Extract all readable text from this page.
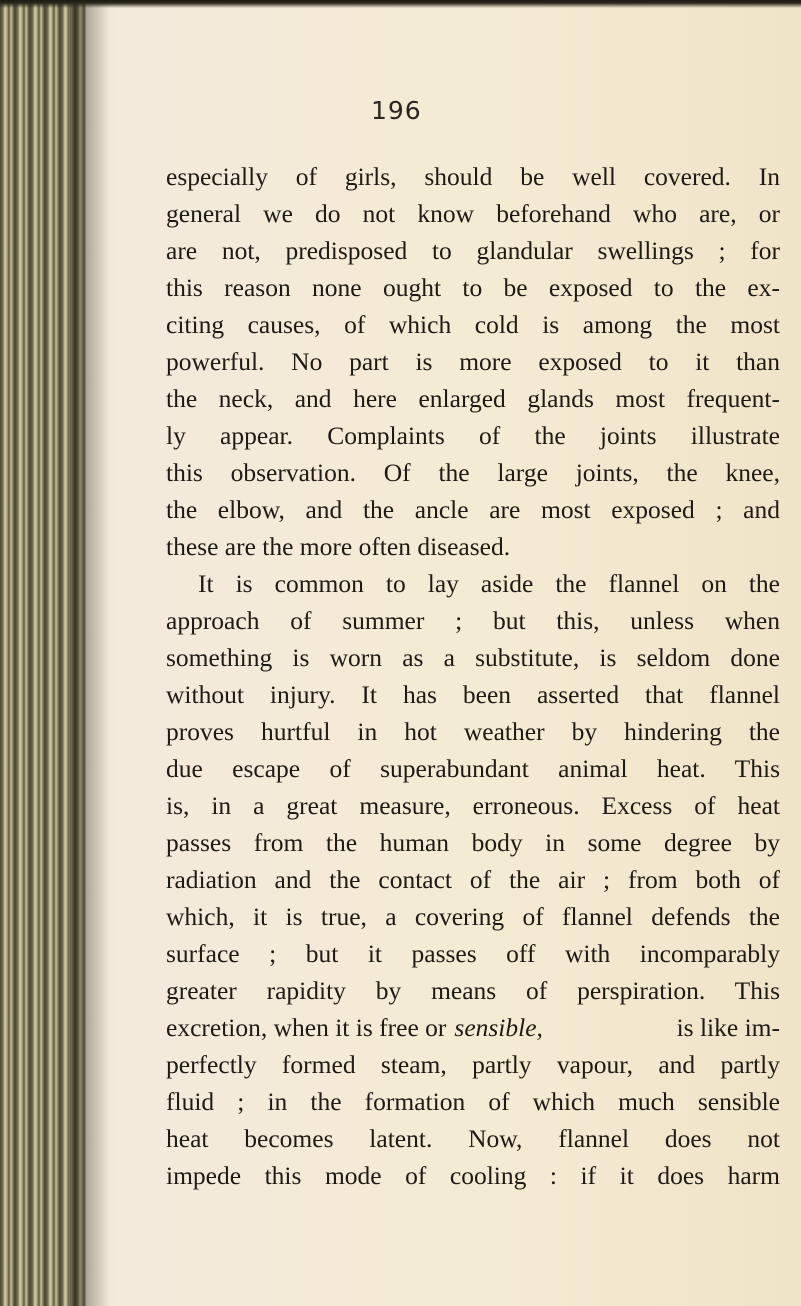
196
especially of girls, should be well covered. In
general we do not know beforehand who are, or
are not, predisposed to glandular swellings ; for
this reason none ought to be exposed to the ex-
citing causes, of which cold is among the most
powerful. No part is more exposed to it than
the neck, and here enlarged glands most frequent-
ly appear. Complaints of the joints illustrate
this observation. Of the large joints, the knee,
the elbow, and the ancle are most exposed ; and
these are the more often diseased.
It is common to lay aside the flannel on the
approach of summer ; but this, unless when
something is worn as a substitute, is seldom done
without injury. It has been asserted that flannel
proves hurtful in hot weather by hindering the
due escape of superabundant animal heat. This
is, in a great measure, erroneous. Excess of heat
passes from the human body in some degree by
radiation and the contact of the air ; from both of
which, it is true, a covering of flannel defends the
surface ; but it passes off with incomparably
greater rapidity by means of perspiration. This
excretion, when it is free or sensible,	is like im-
perfectly formed steam, partly vapour, and partly
fluid ; in the formation of which much sensible
heat becomes latent. Now, flannel does not
impede this mode of cooling : if it does harm
